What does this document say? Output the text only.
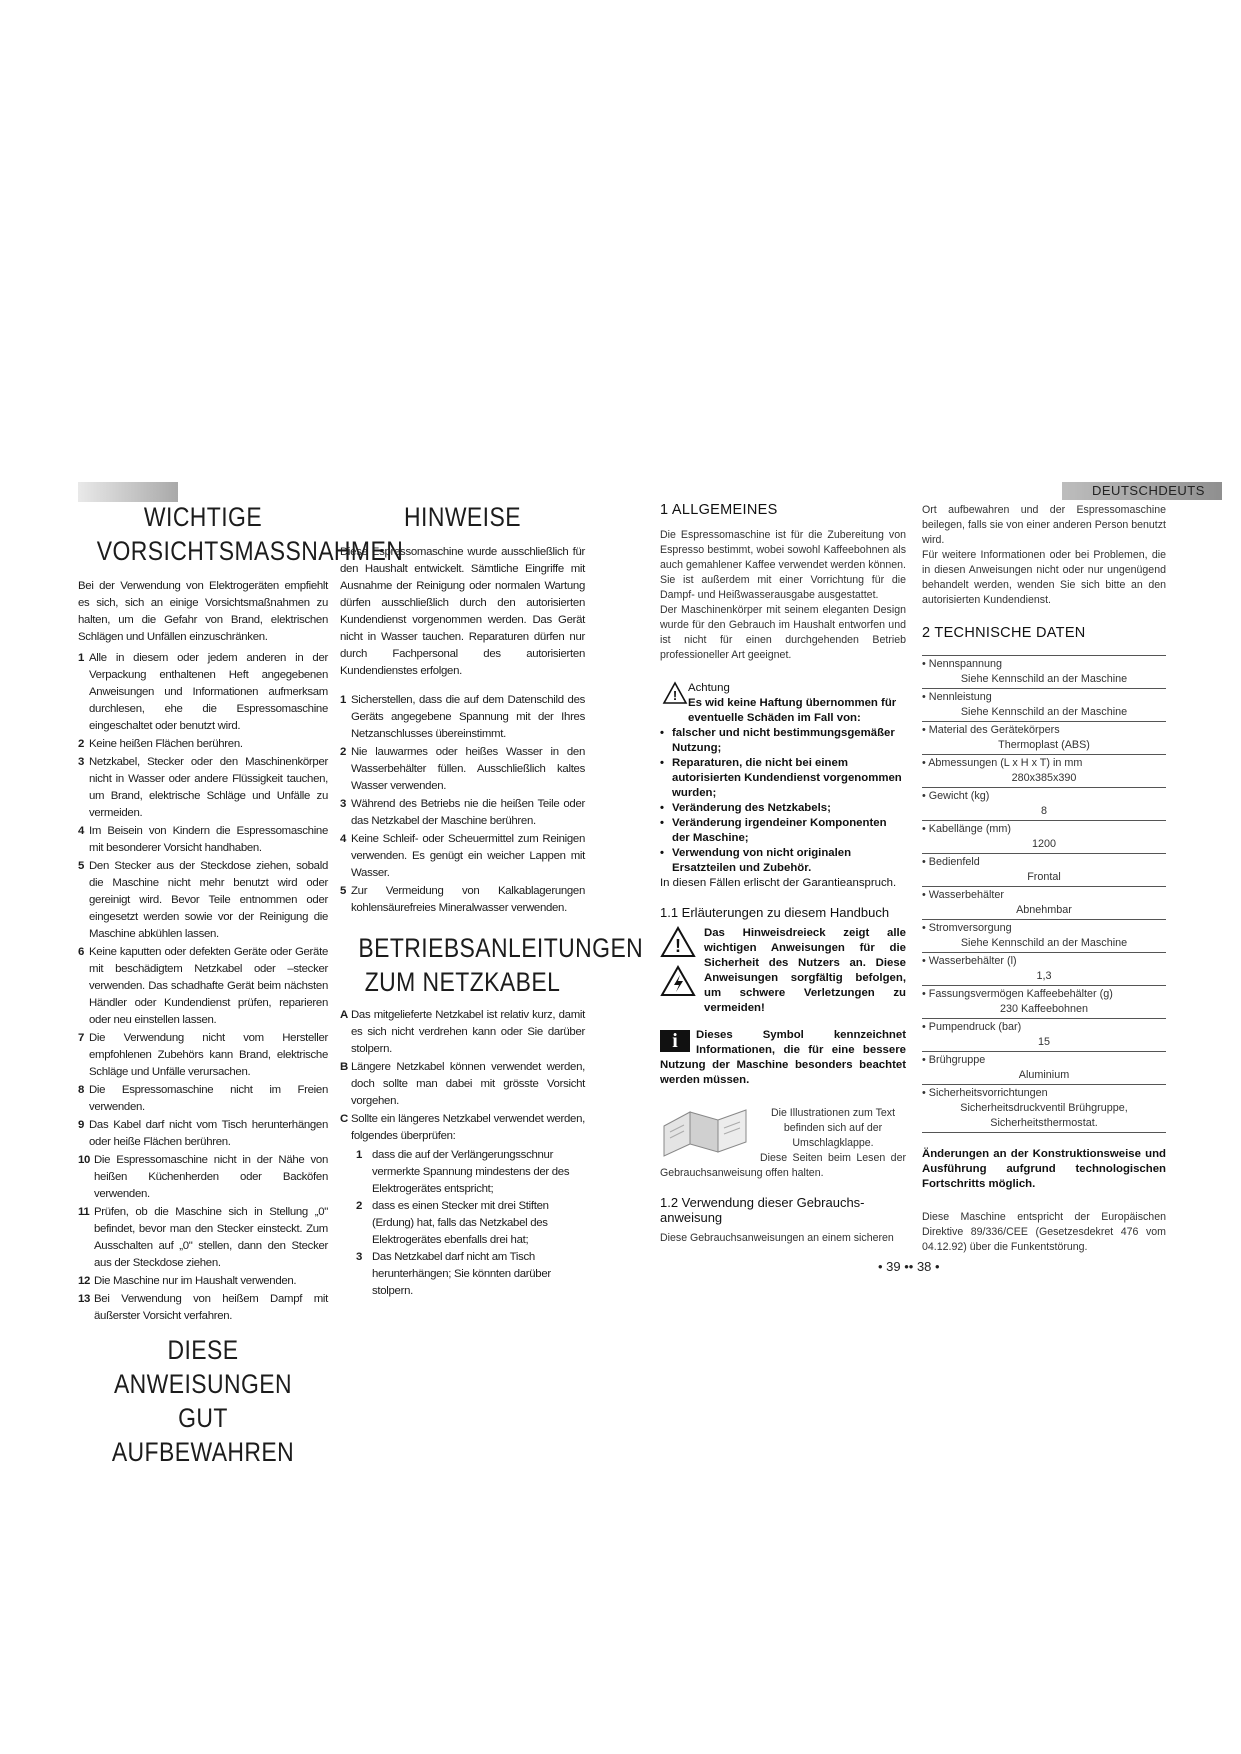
DEUTSCHDEUTS
WICHTIGE
VORSICHTSMASSNAHMEN

Bei der Verwendung von Elektrogeräten empfiehlt es sich, sich an einige Vorsichtsmaßnahmen zu halten, um die Gefahr von Brand, elektrischen Schlägen und Unfällen einzuschränken.

1 Alle in diesem oder jedem anderen in der Verpackung enthaltenen Heft angegebenen Anweisungen und Informationen aufmerksam durchlesen, ehe die Espressomaschine eingeschaltet oder benutzt wird.
2 Keine heißen Flächen berühren.
3 Netzkabel, Stecker oder den Maschinenkörper nicht in Wasser oder andere Flüssigkeit tauchen, um Brand, elektrische Schläge und Unfälle zu vermeiden.
4 Im Beisein von Kindern die Espressomaschine mit besonderer Vorsicht handhaben.
5 Den Stecker aus der Steckdose ziehen, sobald die Maschine nicht mehr benutzt wird oder gereinigt wird. Bevor Teile entnommen oder eingesetzt werden sowie vor der Reinigung die Maschine abkühlen lassen.
6 Keine kaputten oder defekten Geräte oder Geräte mit beschädigtem Netzkabel oder –stecker verwenden. Das schadhafte Gerät beim nächsten Händler oder Kundendienst prüfen, reparieren oder neu einstellen lassen.
7 Die Verwendung nicht vom Hersteller empfohlenen Zubehörs kann Brand, elektrische Schläge und Unfälle verursachen.
8 Die Espressomaschine nicht im Freien verwenden.
9 Das Kabel darf nicht vom Tisch herunterhängen oder heiße Flächen berühren.
10 Die Espressomaschine nicht in der Nähe von heißen Küchenherden oder Backöfen verwenden.
11 Prüfen, ob die Maschine sich in Stellung „0" befindet, bevor man den Stecker einsteckt. Zum Ausschalten auf „0" stellen, dann den Stecker aus der Steckdose ziehen.
12 Die Maschine nur im Haushalt verwenden.
13 Bei Verwendung von heißem Dampf mit äußerster Vorsicht verfahren.
DIESE ANWEISUNGEN GUT
AUFBEWAHREN
HINWEISE

Diese Espressomaschine wurde ausschließlich für den Haushalt entwickelt. Sämtliche Eingriffe mit Ausnahme der Reinigung oder normalen Wartung dürfen ausschließlich durch den autorisierten Kundendienst vorgenommen werden. Das Gerät nicht in Wasser tauchen. Reparaturen dürfen nur durch Fachpersonal des autorisierten Kundendienstes erfolgen.

1 Sicherstellen, dass die auf dem Datenschild des Geräts angegebene Spannung mit der Ihres Netzanschlusses übereinstimmt.
2 Nie lauwarmes oder heißes Wasser in den Wasserbehälter füllen. Ausschließlich kaltes Wasser verwenden.
3 Während des Betriebs nie die heißen Teile oder das Netzkabel der Maschine berühren.
4 Keine Schleif- oder Scheuermittel zum Reinigen verwenden. Es genügt ein weicher Lappen mit Wasser.
5 Zur Vermeidung von Kalkablagerungen kohlensäurefreies Mineralwasser verwenden.
BETRIEBSANLEITUNGEN
ZUM NETZKABEL
A Das mitgelieferte Netzkabel ist relativ kurz, damit es sich nicht verdrehen kann oder Sie darüber stolpern.
B Längere Netzkabel können verwendet werden, doch sollte man dabei mit grösste Vorsicht vorgehen.
C Sollte ein längeres Netzkabel verwendet werden, folgendes überprüfen:
1 dass die auf der Verlängerungsschnur vermerkte Spannung mindestens der des Elektrogerätes entspricht;
2 dass es einen Stecker mit drei Stiften (Erdung) hat, falls das Netzkabel des Elektrogerätes ebenfalls drei hat;
3 Das Netzkabel darf nicht am Tisch herunterhängen; Sie könnten darüber stolpern.
1 ALLGEMEINES

Die Espressomaschine ist für die Zubereitung von Espresso bestimmt, wobei sowohl Kaffeebohnen als auch gemahlener Kaffee verwendet werden können. Sie ist außerdem mit einer Vorrichtung für die Dampf- und Heißwasserausgabe ausgestattet.

Der Maschinenkörper mit seinem eleganten Design wurde für den Gebrauch im Haushalt entworfen und ist nicht für einen durchgehenden Betrieb professioneller Art geeignet.

! Achtung
Es wid keine Haftung übernommen für eventuelle Schäden im Fall von:
• falscher und nicht bestimmungsgemäßer Nutzung;
• Reparaturen, die nicht bei einem autorisierten Kundendienst vorgenommen wurden;
• Veränderung des Netzkabels;
• Veränderung irgendeiner Komponenten der Maschine;
• Verwendung von nicht originalen Ersatzteilen und Zubehör.
In diesen Fällen erlischt der Garantieanspruch.
1.1 Erläuterungen zu diesem Handbuch
!
Das Hinweisdreieck zeigt alle wichtigen Anweisungen für die Sicherheit des Nutzers an. Diese Anweisungen sorgfältig befolgen, um schwere Verletzungen zu vermeiden!
i	Dieses Symbol kennzeichnet Informationen, die für eine bessere Nutzung der Maschine besonders beachtet werden müssen.

Die Illustrationen zum Text befinden sich auf der Umschlagklappe.

Diese Seiten beim Lesen der Gebrauchsanweisung offen halten.

1.2 Verwendung dieser Gebrauchs- anweisung

Diese Gebrauchsanweisungen an einem sicheren

Ort aufbewahren und der Espressomaschine beilegen, falls sie von einer anderen Person benutzt wird.

Für weitere Informationen oder bei Problemen, die in diesen Anweisungen nicht oder nur ungenügend behandelt werden, wenden Sie sich bitte an den autorisierten Kundendienst.

2 TECHNISCHE DATEN
• Nennspannung
Siehe Kennschild an der Maschine
• Nennleistung
Siehe Kennschild an der Maschine
• Material des Gerätekörpers
Thermoplast (ABS)
• Abmessungen (L x H x T) in mm
280x385x390
• Gewicht (kg)
8
• Kabellänge (mm)
1200
• Bedienfeld
Frontal
• Wasserbehälter
Abnehmbar
• Stromversorgung
Siehe Kennschild an der Maschine
• Wasserbehälter (l)
1,3
• Fassungsvermögen Kaffeebehälter (g)
230 Kaffeebohnen
• Pumpendruck (bar)
15
• Brühgruppe
Aluminium
• Sicherheitsvorrichtungen
Sicherheitsdruckventil Brühgruppe, Sicherheitsthermostat.

Änderungen an der Konstruktionsweise und Ausführung aufgrund technologischen Fortschritts möglich.

Diese Maschine entspricht der Europäischen Direktive 89/336/CEE (Gesetzesdekret 476 vom 04.12.92) über die Funkentstörung.

• 39 •• 38 •
